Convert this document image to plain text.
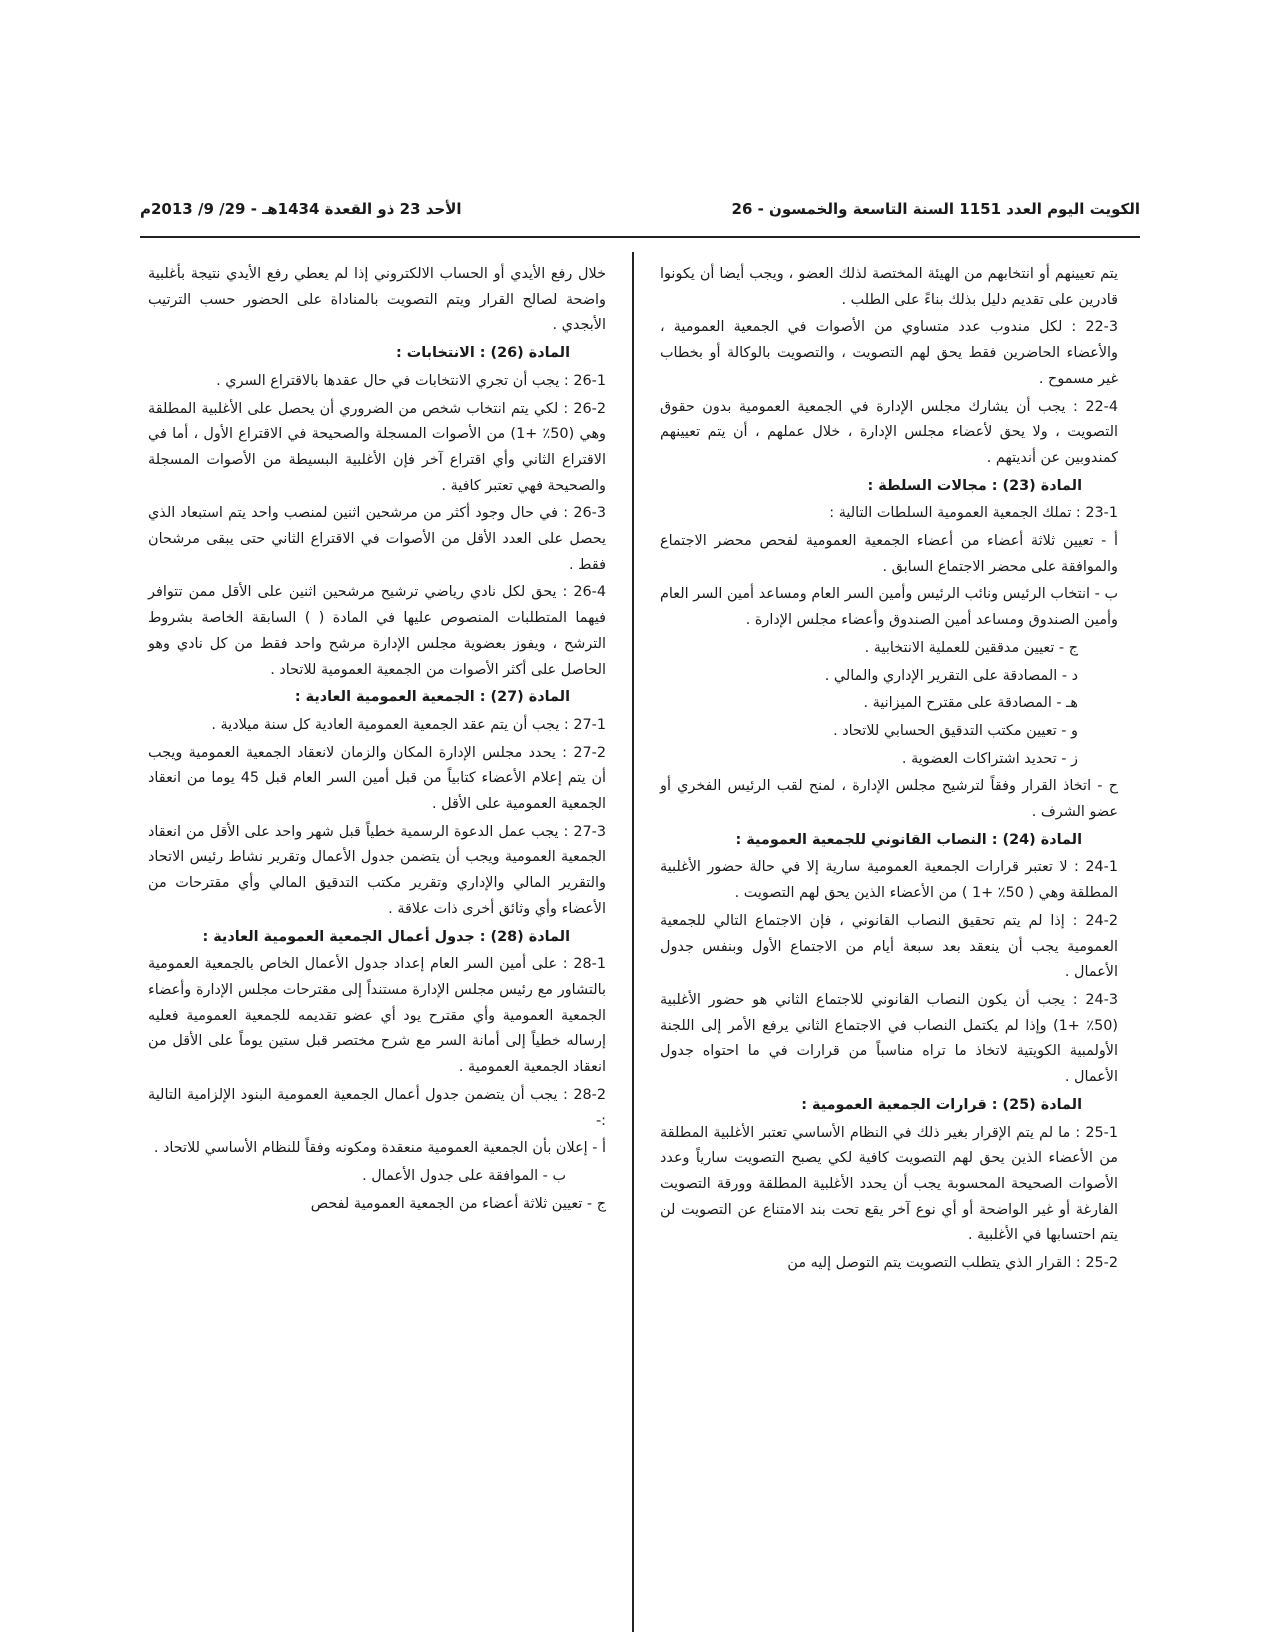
الكويت اليوم العدد 1151 السنة التاسعة والخمسون - 26
الأحد 23 ذو القعدة 1434هـ - 29/ 9/ 2013م

يتم تعيينهم أو انتخابهم من الهيئة المختصة لذلك العضو ، ويجب أيضا أن يكونوا قادرين على تقديم دليل بذلك بناءً على الطلب .

22-3 : لكل مندوب عدد متساوي من الأصوات في الجمعية العمومية ، والأعضاء الحاضرين فقط يحق لهم التصويت ، والتصويت بالوكالة أو بخطاب غير مسموح .

22-4 : يجب أن يشارك مجلس الإدارة في الجمعية العمومية بدون حقوق التصويت ، ولا يحق لأعضاء مجلس الإدارة ، خلال عملهم ، أن يتم تعيينهم كمندوبين عن أنديتهم .

المادة (23) : مجالات السلطة :

23-1 : تملك الجمعية العمومية السلطات التالية :

أ - تعيين ثلاثة أعضاء من أعضاء الجمعية العمومية لفحص محضر الاجتماع والموافقة على محضر الاجتماع السابق .

ب - انتخاب الرئيس ونائب الرئيس وأمين السر العام ومساعد أمين السر العام وأمين الصندوق ومساعد أمين الصندوق وأعضاء مجلس الإدارة .

ج - تعيين مدققين للعملية الانتخابية .

د - المصادقة على التقرير الإداري والمالي .

هـ - المصادقة على مقترح الميزانية .

و - تعيين مكتب التدقيق الحسابي للاتحاد .

ز - تحديد اشتراكات العضوية .

ح - اتخاذ القرار وفقاً لترشيح مجلس الإدارة ، لمنح لقب الرئيس الفخري أو عضو الشرف .

المادة (24) : النصاب القانوني للجمعية العمومية :

24-1 : لا تعتبر قرارات الجمعية العمومية سارية إلا في حالة حضور الأغلبية المطلقة وهي ( 50٪ +1 ) من الأعضاء الذين يحق لهم التصويت .

24-2 : إذا لم يتم تحقيق النصاب القانوني ، فإن الاجتماع التالي للجمعية العمومية يجب أن ينعقد بعد سبعة أيام من الاجتماع الأول وبنفس جدول الأعمال .

24-3 : يجب أن يكون النصاب القانوني للاجتماع الثاني هو حضور الأغلبية (50٪ +1) وإذا لم يكتمل النصاب في الاجتماع الثاني يرفع الأمر إلى اللجنة الأولمبية الكويتية لاتخاذ ما تراه مناسباً من قرارات في ما احتواه جدول الأعمال .

المادة (25) : قرارات الجمعية العمومية :

25-1 : ما لم يتم الإقرار بغير ذلك في النظام الأساسي تعتبر الأغلبية المطلقة من الأعضاء الذين يحق لهم التصويت كافية لكي يصبح التصويت سارياً وعدد الأصوات الصحيحة المحسوبة يجب أن يحدد الأغلبية المطلقة وورقة التصويت الفارغة أو غير الواضحة أو أي نوع آخر يقع تحت بند الامتناع عن التصويت لن يتم احتسابها في الأغلبية .

25-2 : القرار الذي يتطلب التصويت يتم التوصل إليه من

خلال رفع الأيدي أو الحساب الالكتروني إذا لم يعطي رفع الأيدي نتيجة بأغلبية واضحة لصالح القرار ويتم التصويت بالمناداة على الحضور حسب الترتيب الأبجدي .

المادة (26) : الانتخابات :

26-1 : يجب أن تجري الانتخابات في حال عقدها بالاقتراع السري .

26-2 : لكي يتم انتخاب شخص من الضروري أن يحصل على الأغلبية المطلقة وهي (50٪ +1) من الأصوات المسجلة والصحيحة في الاقتراع الأول ، أما في الاقتراع الثاني وأي اقتراع آخر فإن الأغلبية البسيطة من الأصوات المسجلة والصحيحة فهي تعتبر كافية .

26-3 : في حال وجود أكثر من مرشحين اثنين لمنصب واحد يتم استبعاد الذي يحصل على العدد الأقل من الأصوات في الاقتراع الثاني حتى يبقى مرشحان فقط .

26-4 : يحق لكل نادي رياضي ترشيح مرشحين اثنين على الأقل ممن تتوافر فيهما المتطلبات المنصوص عليها في المادة ( ) السابقة الخاصة بشروط الترشح ، ويفوز بعضوية مجلس الإدارة مرشح واحد فقط من كل نادي وهو الحاصل على أكثر الأصوات من الجمعية العمومية للاتحاد .

المادة (27) : الجمعية العمومية العادية :

27-1 : يجب أن يتم عقد الجمعية العمومية العادية كل سنة ميلادية .

27-2 : يحدد مجلس الإدارة المكان والزمان لانعقاد الجمعية العمومية ويجب أن يتم إعلام الأعضاء كتابياً من قبل أمين السر العام قبل 45 يوما من انعقاد الجمعية العمومية على الأقل .

27-3 : يجب عمل الدعوة الرسمية خطياً قبل شهر واحد على الأقل من انعقاد الجمعية العمومية ويجب أن يتضمن جدول الأعمال وتقرير نشاط رئيس الاتحاد والتقرير المالي والإداري وتقرير مكتب التدقيق المالي وأي مقترحات من الأعضاء وأي وثائق أخرى ذات علاقة .

المادة (28) : جدول أعمال الجمعية العمومية العادية :

28-1 : على أمين السر العام إعداد جدول الأعمال الخاص بالجمعية العمومية بالتشاور مع رئيس مجلس الإدارة مستنداً إلى مقترحات مجلس الإدارة وأعضاء الجمعية العمومية وأي مقترح يود أي عضو تقديمه للجمعية العمومية فعليه إرساله خطياً إلى أمانة السر مع شرح مختصر قبل ستين يوماً على الأقل من انعقاد الجمعية العمومية .

28-2 : يجب أن يتضمن جدول أعمال الجمعية العمومية البنود الإلزامية التالية :-

أ - إعلان بأن الجمعية العمومية منعقدة ومكونه وفقاً للنظام الأساسي للاتحاد .

ب - الموافقة على جدول الأعمال .

ج - تعيين ثلاثة أعضاء من الجمعية العمومية لفحص
